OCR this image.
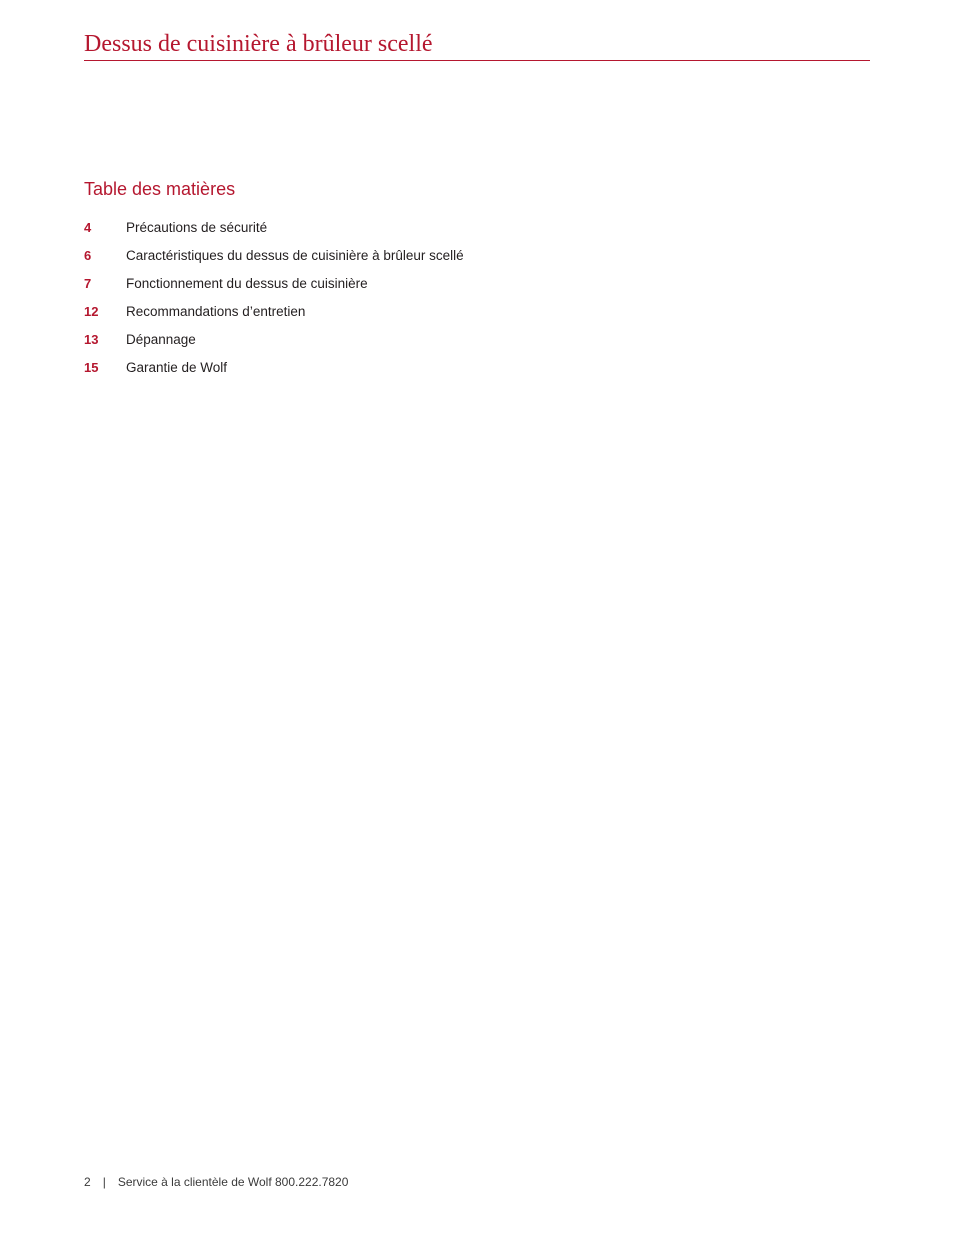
Dessus de cuisinière à brûleur scellé
Table des matières
4	Précautions de sécurité
6	Caractéristiques du dessus de cuisinière à brûleur scellé
7	Fonctionnement du dessus de cuisinière
12	Recommandations d’entretien
13	Dépannage
15	Garantie de Wolf
2 | Service à la clientèle de Wolf 800.222.7820
